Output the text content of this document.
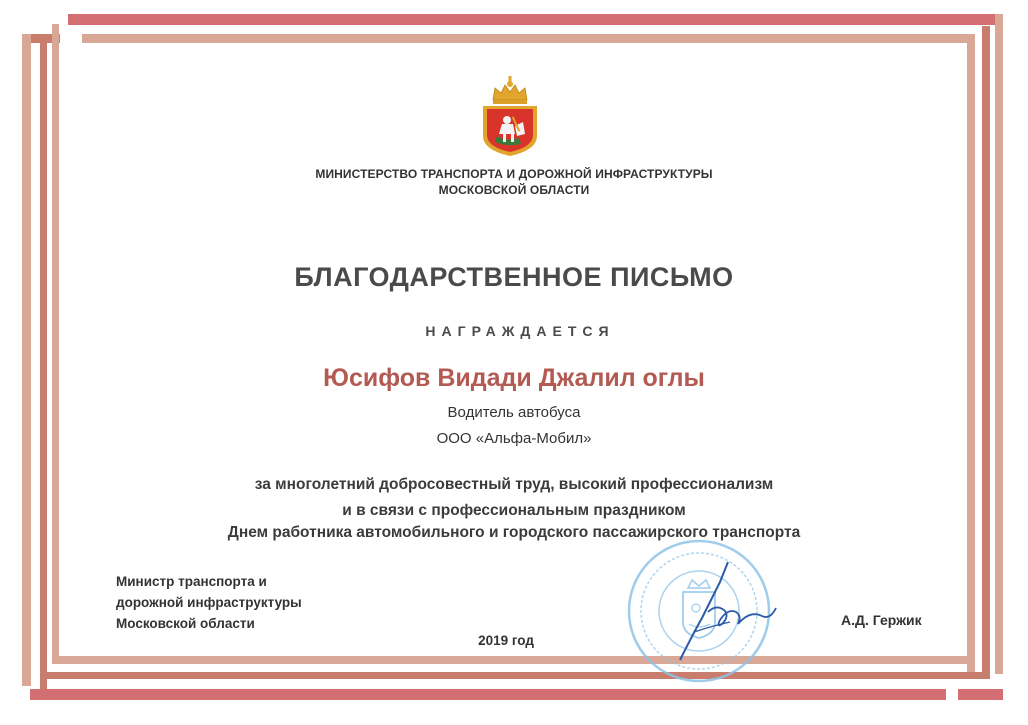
МИНИСТЕРСТВО ТРАНСПОРТА И ДОРОЖНОЙ ИНФРАСТРУКТУРЫ
МОСКОВСКОЙ ОБЛАСТИ
БЛАГОДАРСТВЕННОЕ ПИСЬМО
НАГРАЖДАЕТСЯ
Юсифов Видади Джалил оглы
Водитель автобуса
ООО «Альфа-Мобил»
за многолетний добросовестный труд, высокий профессионализм
и в связи с профессиональным праздником
Днем работника автомобильного и городского пассажирского транспорта
Министр транспорта и
дорожной инфраструктуры
Московской области
2019 год
А.Д. Гержик
